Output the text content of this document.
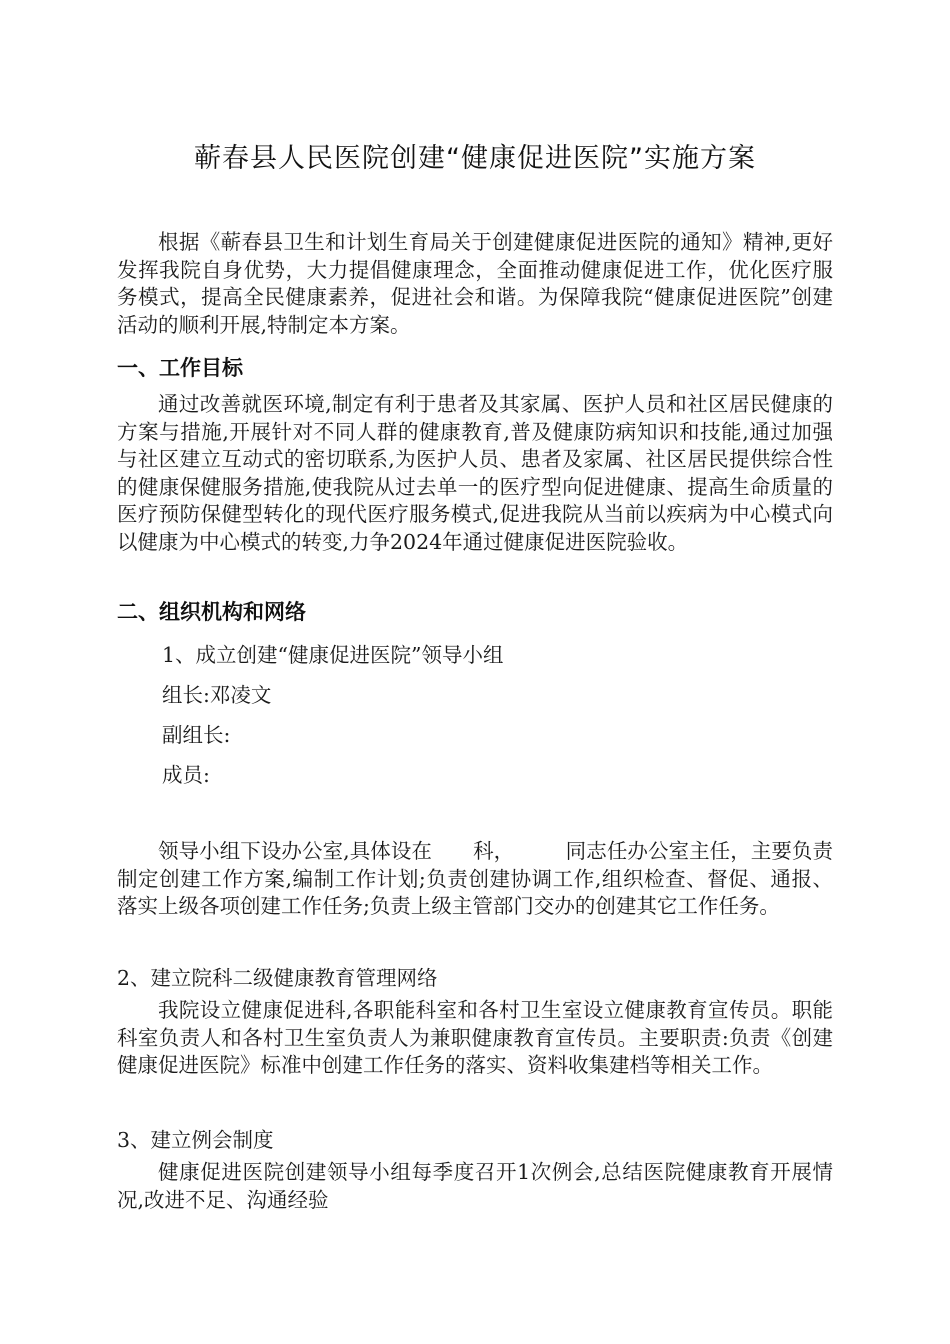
蕲春县人民医院创建“健康促进医院”实施方案

根据《蕲春县卫生和计划生育局关于创建健康促进医院的通知》精神,更好发挥我院自身优势，大力提倡健康理念，全面推动健康促进工作，优化医疗服务模式，提高全民健康素养，促进社会和谐。为保障我院“健康促进医院”创建活动的顺利开展,特制定本方案。

一、工作目标

通过改善就医环境,制定有利于患者及其家属、医护人员和社区居民健康的方案与措施,开展针对不同人群的健康教育,普及健康防病知识和技能,通过加强与社区建立互动式的密切联系,为医护人员、患者及家属、社区居民提供综合性的健康保健服务措施,使我院从过去单一的医疗型向促进健康、提高生命质量的医疗预防保健型转化的现代医疗服务模式,促进我院从当前以疾病为中心模式向以健康为中心模式的转变,力争2024年通过健康促进医院验收。

二、组织机构和网络
1、成立创建“健康促进医院”领导小组
组长:邓凌文
副组长:
成员:

领导小组下设办公室,具体设在　　科，　　　同志任办公室主任，主要负责制定创建工作方案,编制工作计划;负责创建协调工作,组织检查、督促、通报、落实上级各项创建工作任务;负责上级主管部门交办的创建其它工作任务。

2、建立院科二级健康教育管理网络

我院设立健康促进科,各职能科室和各村卫生室设立健康教育宣传员。职能科室负责人和各村卫生室负责人为兼职健康教育宣传员。主要职责:负责《创建健康促进医院》标准中创建工作任务的落实、资料收集建档等相关工作。

3、建立例会制度

健康促进医院创建领导小组每季度召开1次例会,总结医院健康教育开展情况,改进不足、沟通经验
